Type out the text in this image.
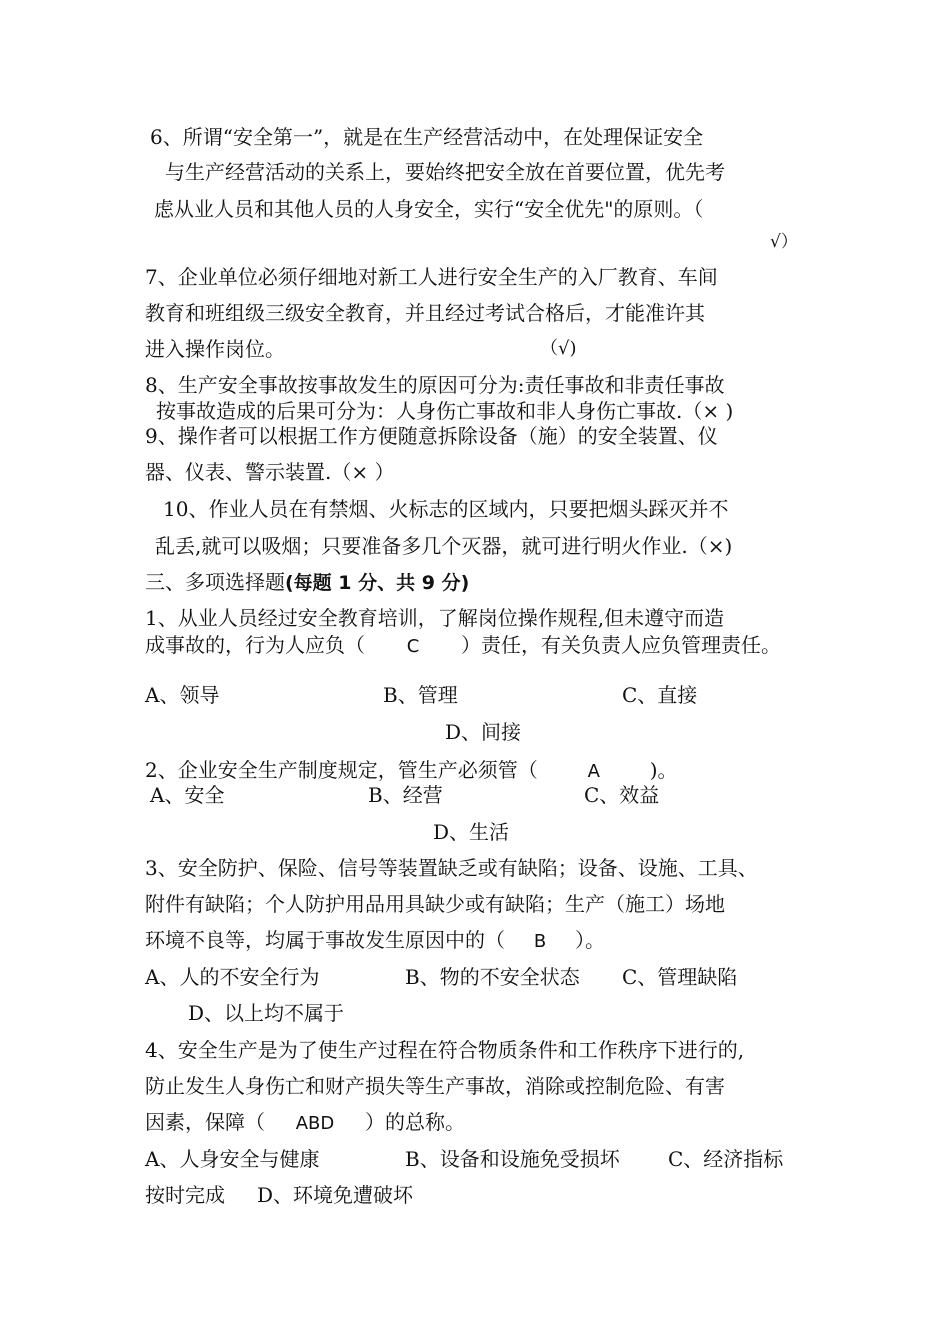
6、所谓“安全第一”，就是在生产经营活动中，在处理保证安全
与生产经营活动的关系上，要始终把安全放在首要位置，优先考
虑从业人员和其他人员的人身安全，实行“安全优先"的原则。（
√）
7、企业单位必须仔细地对新工人进行安全生产的入厂教育、车间
教育和班组级三级安全教育，并且经过考试合格后，才能准许其
进入操作岗位。	（√)
8、生产安全事故按事故发生的原因可分为:责任事故和非责任事故
按事故造成的后果可分为：人身伤亡事故和非人身伤亡事故.（× )
9、操作者可以根据工作方便随意拆除设备（施）的安全装置、仪
器、仪表、警示装置.（× ）
10、作业人员在有禁烟、火标志的区域内，只要把烟头踩灭并不
乱丢,就可以吸烟；只要准备多几个灭器，就可进行明火作业.（×)
三、多项选择题(每题 1 分、共 9 分)
1、从业人员经过安全教育培训，了解岗位操作规程,但未遵守而造
成事故的，行为人应负（ C ）责任，有关负责人应负管理责任。
A、领导	B、管理	C、直接
D、间接
2、企业安全生产制度规定，管生产必须管（	A )。
A、安全	B、经营	C、效益
D、生活
3、安全防护、保险、信号等装置缺乏或有缺陷；设备、设施、工具、
附件有缺陷；个人防护用品用具缺少或有缺陷；生产（施工）场地
环境不良等，均属于事故发生原因中的（ B ）。
A、人的不安全行为	B、物的不安全状态 C、管理缺陷
D、以上均不属于
4、安全生产是为了使生产过程在符合物质条件和工作秩序下进行的,
防止发生人身伤亡和财产损失等生产事故，消除或控制危险、有害
因素，保障（ ABD ）的总称。
A、人身安全与健康	B、设备和设施免受损坏 C、经济指标
按时完成 D、环境免遭破坏
